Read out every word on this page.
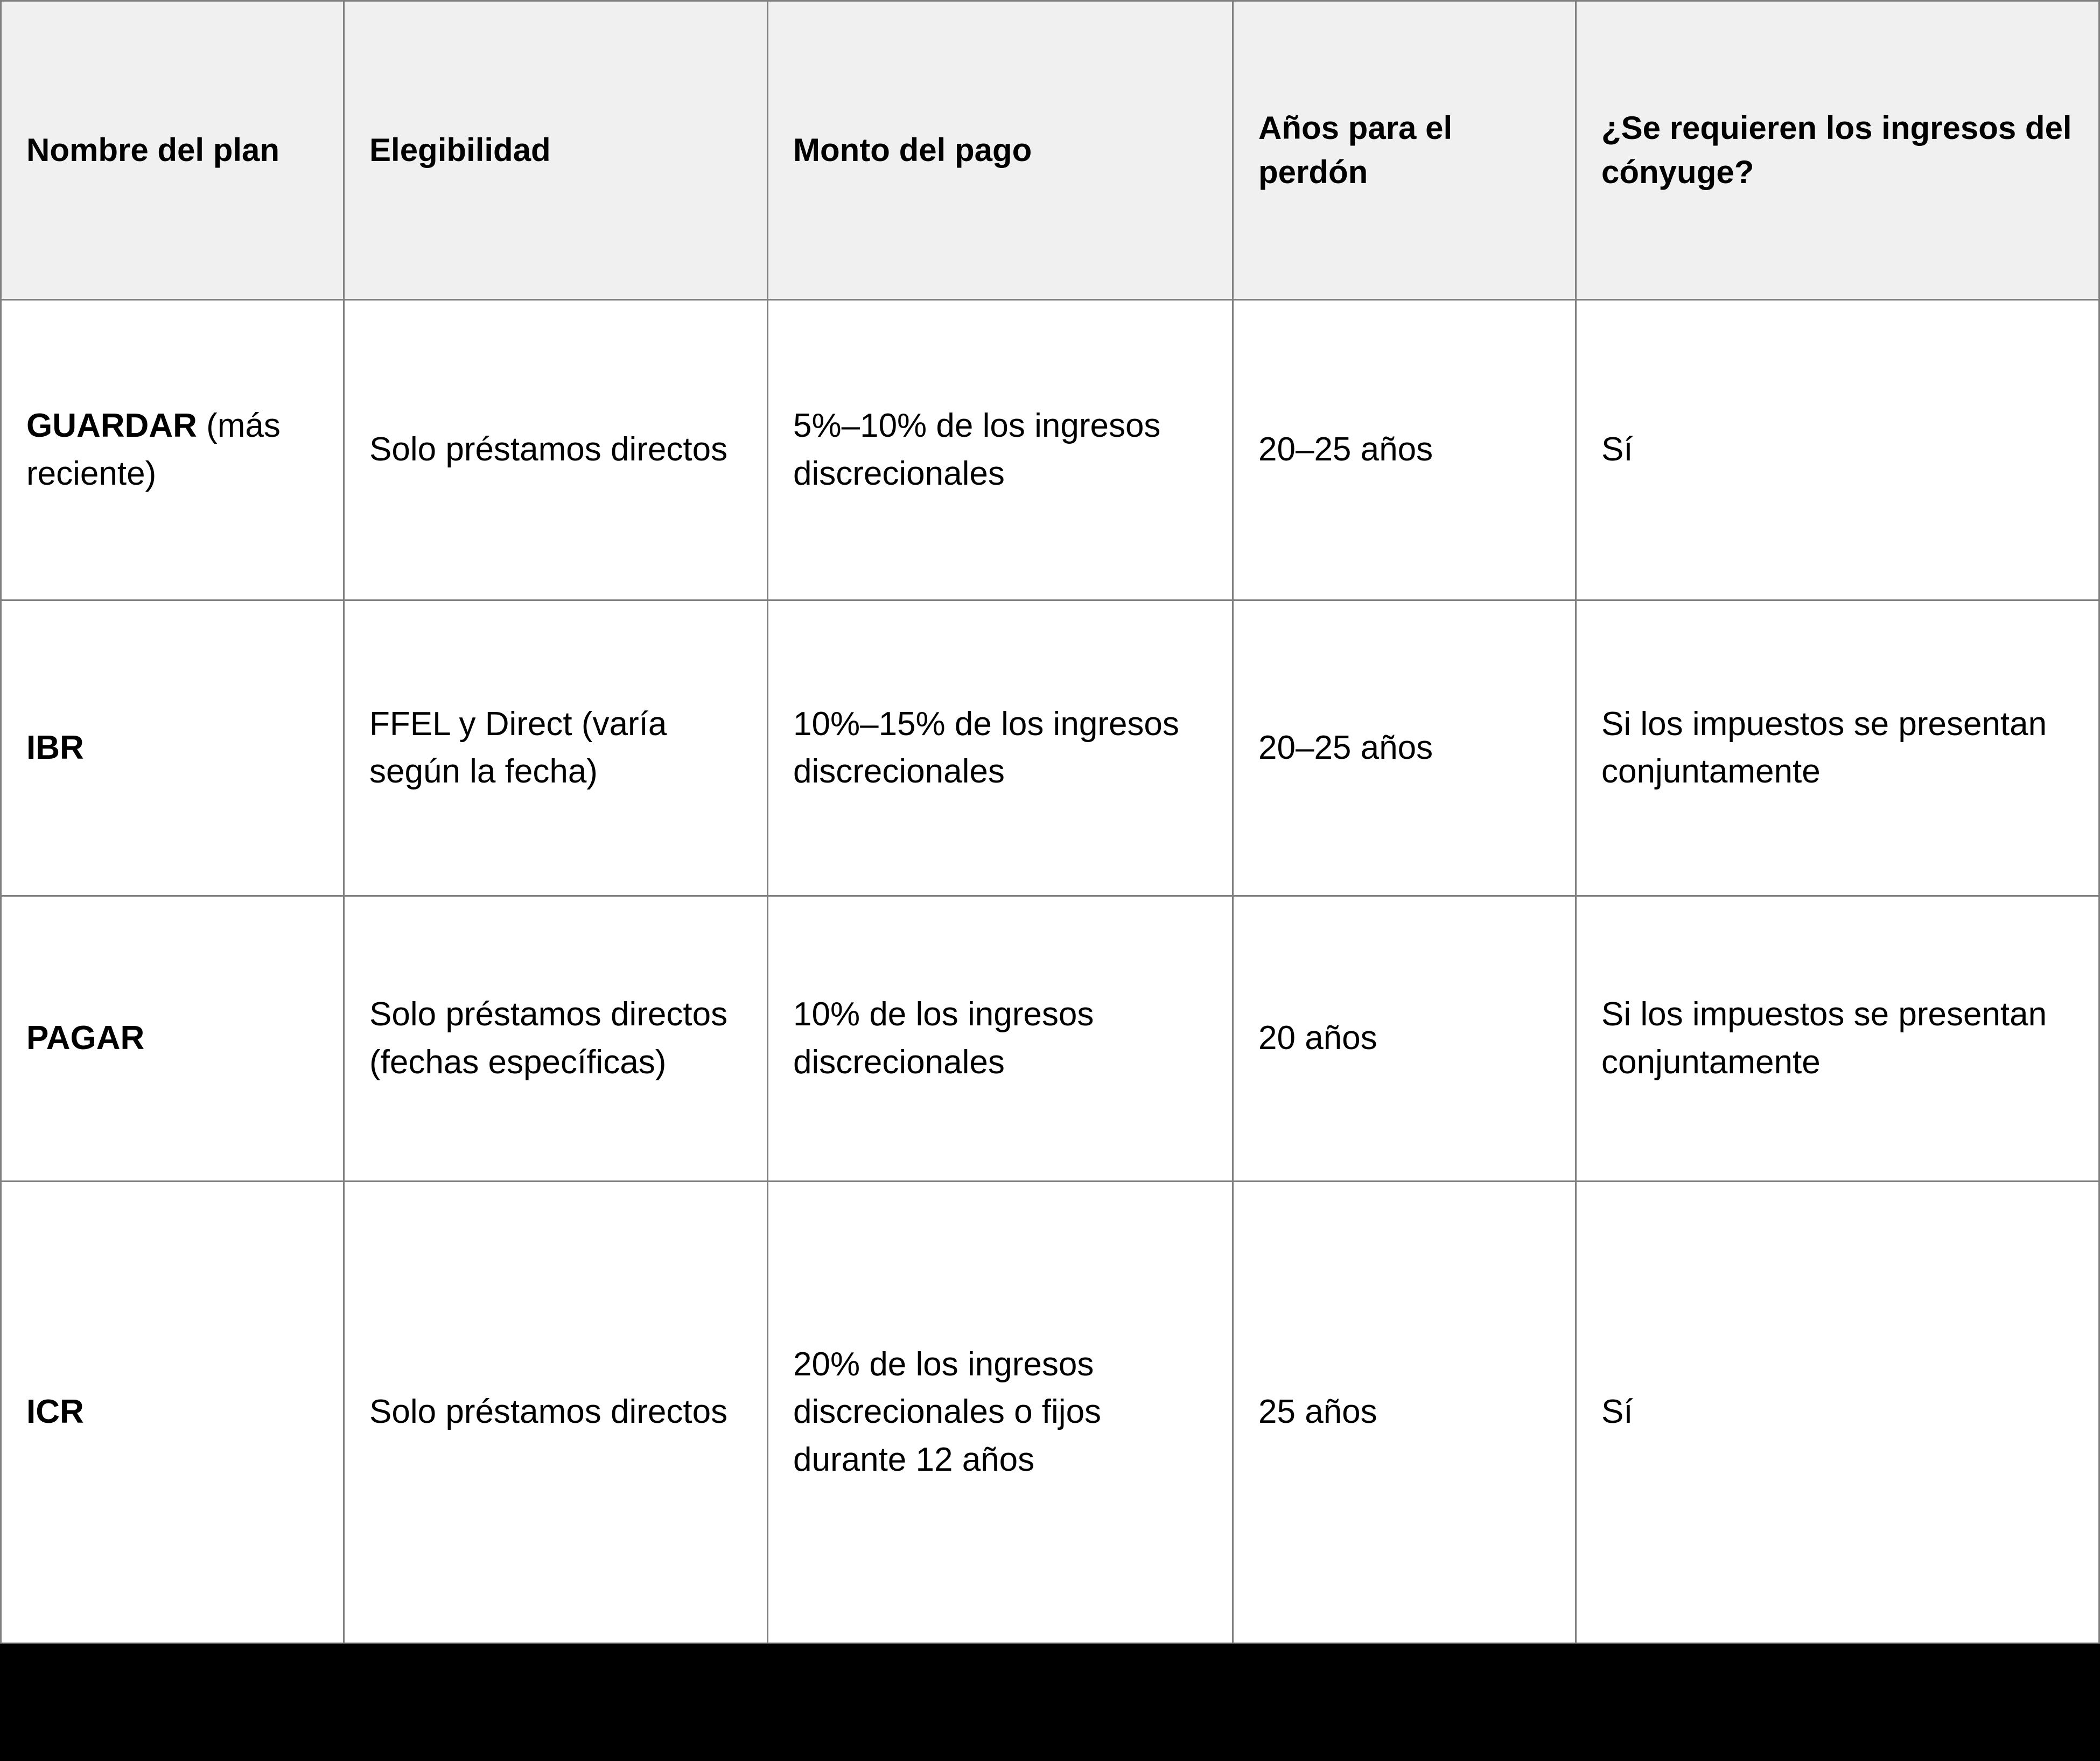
Nombre del plan	Elegibilidad	Monto del pago	Años para el perdón	¿Se requieren los ingresos del cónyuge?

GUARDAR (más reciente)	Solo préstamos directos	5%–10% de los ingresos discrecionales	20–25 años	Sí

IBR	FFEL y Direct (varía según la fecha)	10%–15% de los ingresos discrecionales	20–25 años	Si los impuestos se presentan conjuntamente

PAGAR	Solo préstamos directos (fechas específicas)	10% de los ingresos discrecionales	20 años	Si los impuestos se presentan conjuntamente

ICR	Solo préstamos directos	20% de los ingresos discrecionales o fijos durante 12 años	25 años	Sí
